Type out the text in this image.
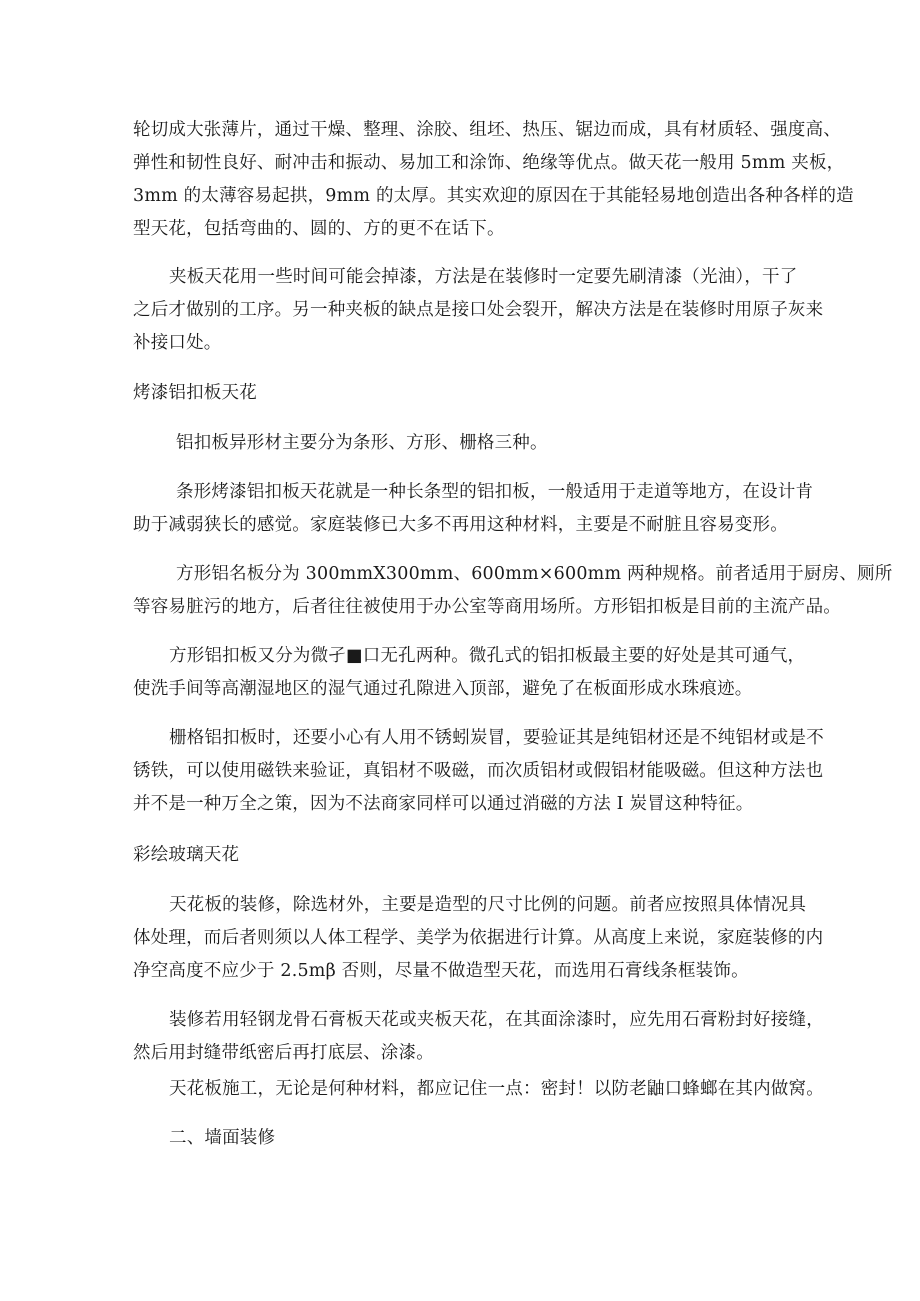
轮切成大张薄片，通过干燥、整理、涂胶、组坯、热压、锯边而成，具有材质轻、强度高、
弹性和韧性良好、耐冲击和振动、易加工和涂饰、绝缘等优点。做天花一般用 5mm 夹板，
3mm 的太薄容易起拱，9mm 的太厚。其实欢迎的原因在于其能轻易地创造出各种各样的造
型天花，包括弯曲的、圆的、方的更不在话下。
夹板天花用一些时间可能会掉漆，方法是在装修时一定要先刷清漆（光油），干了
之后才做别的工序。另一种夹板的缺点是接口处会裂开，解决方法是在装修时用原子灰来
补接口处。
烤漆铝扣板天花
铝扣板异形材主要分为条形、方形、栅格三种。
条形烤漆铝扣板天花就是一种长条型的铝扣板，一般适用于走道等地方，在设计肯
助于减弱狭长的感觉。家庭装修已大多不再用这种材料，主要是不耐脏且容易变形。
方形铝名板分为 300mmX300mm、600mm×600mm 两种规格。前者适用于厨房、厕所
等容易脏污的地方，后者往往被使用于办公室等商用场所。方形铝扣板是目前的主流产品。
方形铝扣板又分为微孑■口无孔两种。微孔式的铝扣板最主要的好处是其可通气，
使洗手间等高潮湿地区的湿气通过孔隙进入顶部，避免了在板面形成水珠痕迹。
栅格铝扣板时，还要小心有人用不锈蚓炭冒，要验证其是纯铝材还是不纯铝材或是不
锈铁，可以使用磁铁来验证，真铝材不吸磁，而次质铝材或假铝材能吸磁。但这种方法也
并不是一种万全之策，因为不法商家同样可以通过消磁的方法 I 炭冒这种特征。
彩绘玻璃天花
天花板的装修，除选材外，主要是造型的尺寸比例的问题。前者应按照具体情况具
体处理，而后者则须以人体工程学、美学为依据进行计算。从高度上来说，家庭装修的内
净空高度不应少于 2.5mβ 否则，尽量不做造型天花，而选用石膏线条框装饰。
装修若用轻钢龙骨石膏板天花或夹板天花，在其面涂漆时，应先用石膏粉封好接缝，
然后用封缝带纸密后再打底层、涂漆。
天花板施工，无论是何种材料，都应记住一点：密封！以防老鼬口蜂螂在其内做窝。
二、墙面装修
